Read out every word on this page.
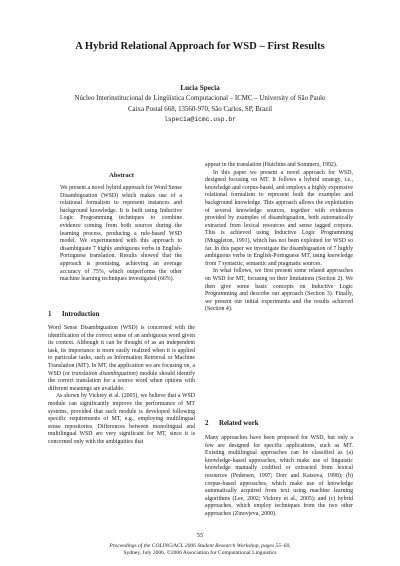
A Hybrid Relational Approach for WSD – First Results
Lucia Specia
Núcleo Interinstitucional de Lingüística Computacional – ICMC – University of São Paulo
Caixa Postal 668, 13560-970, São Carlos, SP, Brazil
lspecia@icmc.usp.br
Abstract

We present a novel hybrid approach for Word Sense Disambiguation (WSD) which makes use of a relational formalism to represent instances and background knowledge. It is built using Inductive Logic Programming techniques to combine evidence coming from both sources during the learning process, producing a rule-based WSD model. We experimented with this approach to disambiguate 7 highly ambiguous verbs in English-Portuguese translation. Results showed that the approach is promising, achieving an average accuracy of 75%, which outperforms the other machine learning techniques investigated (66%).

1 Introduction

Word Sense Disambiguation (WSD) is concerned with the identification of the correct sense of an ambiguous word given its context. Although it can be thought of as an independent task, its importance is more easily realized when it is applied to particular tasks, such as Information Retrieval or Machine Translation (MT). In MT, the application we are focusing on, a WSD (or translation disambiguation) module should identify the correct translation for a source word when options with different meanings are available.

As shown by Vickrey et al. (2005), we believe that a WSD module can significantly improve the performance of MT systems, provided that such module is developed following specific requirements of MT, e.g., employing multilingual sense repositories. Differences between monolingual and multilingual WSD are very significant for MT, since it is concerned only with the ambiguities that

appear in the translation (Hutchins and Sommers, 1992).

In this paper we present a novel approach for WSD, designed focusing on MT. It follows a hybrid strategy, i.e., knowledge and corpus-based, and employs a highly expressive relational formalism to represent both the examples and background knowledge. This approach allows the exploitation of several knowledge sources, together with evidences provided by examples of disambiguation, both automatically extracted from lexical resources and sense tagged corpora. This is achieved using Inductive Logic Programming (Muggleton, 1991), which has not been exploited for WSD so far. In this paper we investigate the disambiguation of 7 highly ambiguous verbs in English-Portuguese MT, using knowledge from 7 syntactic, semantic and pragmatic sources.

In what follows, we first present some related approaches on WSD for MT, focusing on their limitations (Section 2). We then give some basic concepts on Inductive Logic Programming and describe our approach (Section 3). Finally, we present our initial experiments and the results achieved (Section 4).

2 Related work

Many approaches have been proposed for WSD, but only a few are designed for specific applications, such as MT. Existing multilingual approaches can be classified as (a) knowledge-based approaches, which make use of linguistic knowledge manually codified or extracted from lexical resources (Pedersen, 1997; Dorr and Katsova, 1998); (b) corpus-based approaches, which make use of knowledge automatically acquired from text using machine learning algorithms (Lee, 2002; Vickrey et al., 2005); and (c) hybrid approaches, which employ techniques from the two other approaches (Zinovjeva, 2000).

55
Proceedings of the COLING/ACL 2006 Student Research Workshop, pages 55–60,
Sydney, July 2006. ©2006 Association for Computational Linguistics
